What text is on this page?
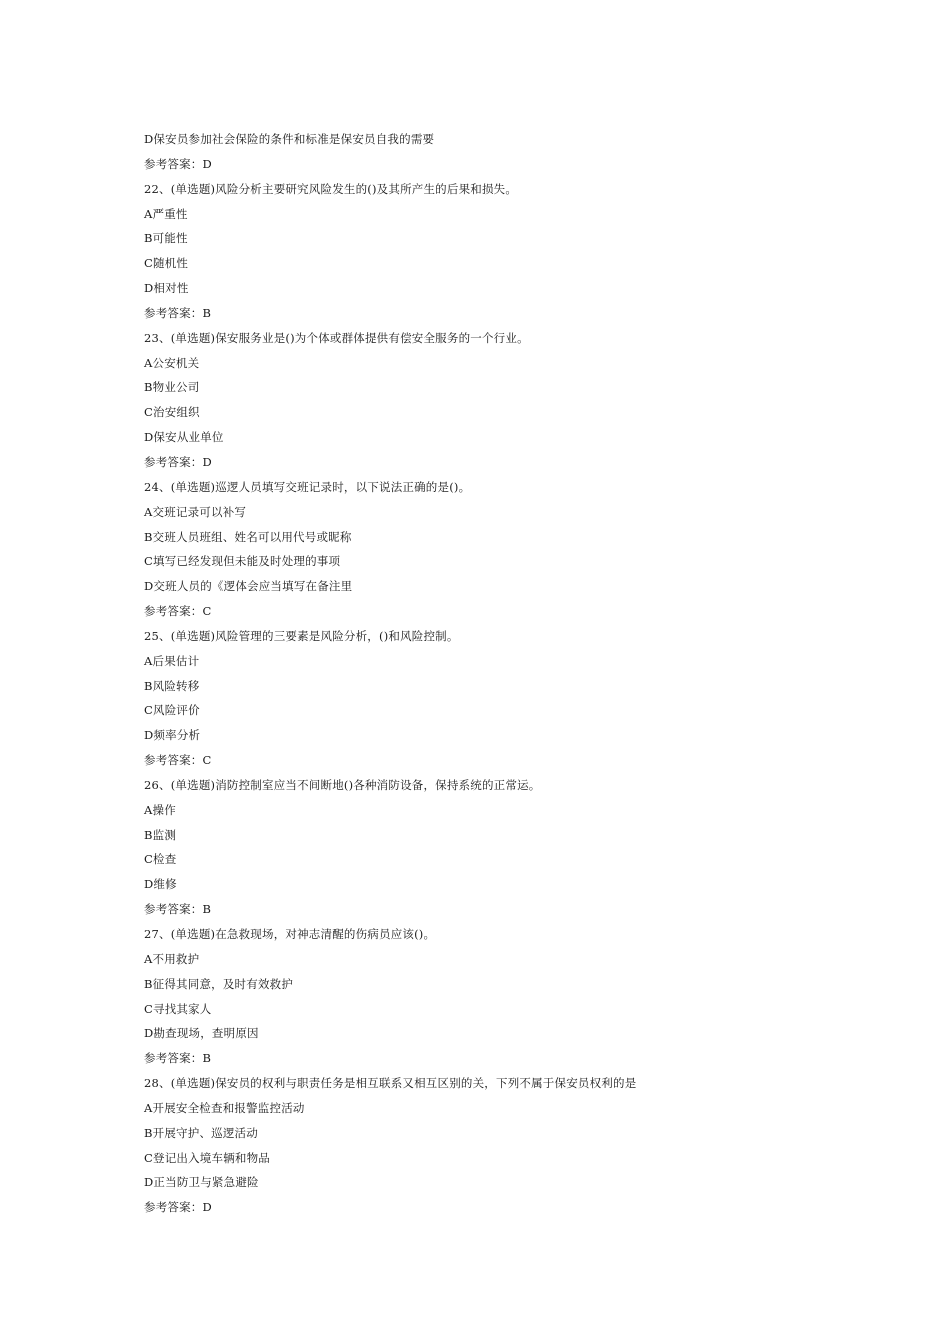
D保安员参加社会保险的条件和标准是保安员自我的需要
参考答案：D
22、(单选题)风险分析主要研究风险发生的()及其所产生的后果和损失。
A严重性
B可能性
C随机性
D相对性
参考答案：B
23、(单选题)保安服务业是()为个体或群体提供有偿安全服务的一个行业。
A公安机关
B物业公司
C治安组织
D保安从业单位
参考答案：D
24、(单选题)巡逻人员填写交班记录时，以下说法正确的是()。
A交班记录可以补写
B交班人员班组、姓名可以用代号或昵称
C填写已经发现但未能及时处理的事项
D交班人员的《逻体会应当填写在备注里
参考答案：C
25、(单选题)风险管理的三要素是风险分析，()和风险控制。
A后果估计
B风险转移
C风险评价
D频率分析
参考答案：C
26、(单选题)消防控制室应当不间断地()各种消防设备，保持系统的正常运。
A操作
B监测
C检查
D维修
参考答案：B
27、(单选题)在急救现场，对神志清醒的伤病员应该()。
A不用救护
B征得其同意，及时有效救护
C寻找其家人
D勘查现场，查明原因
参考答案：B
28、(单选题)保安员的权利与职责任务是相互联系又相互区别的关，下列不属于保安员权利的是
A开展安全检查和报警监控活动
B开展守护、巡逻活动
C登记出入境车辆和物品
D正当防卫与紧急避险
参考答案：D
